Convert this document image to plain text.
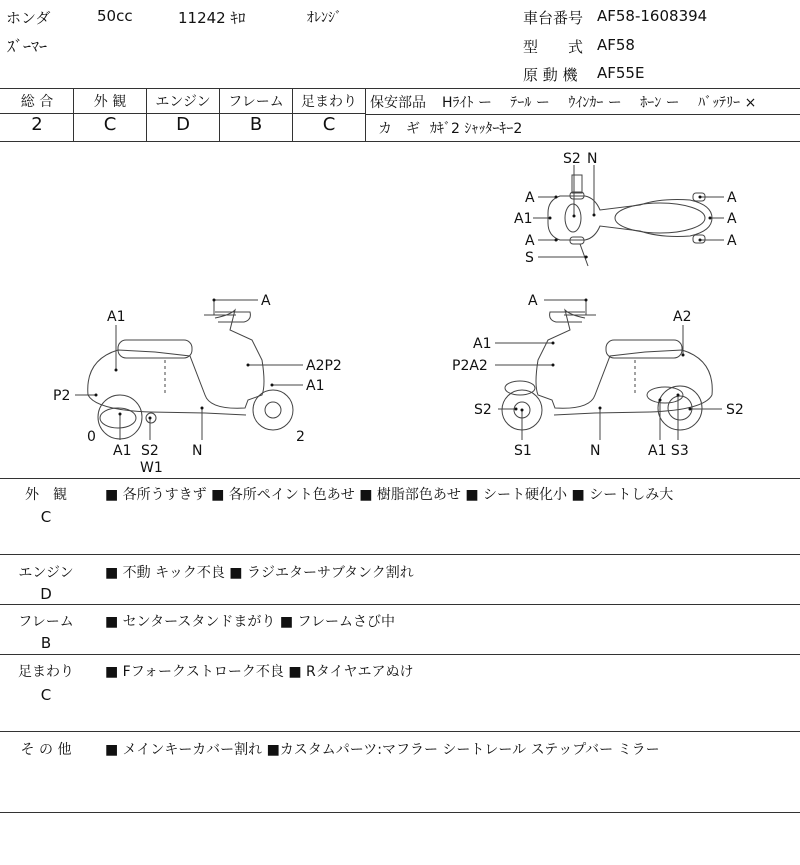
ホンダ	50cc	11242 ｷﾛ	ｵﾚﾝｼﾞ
ｽﾞｰﾏｰ
車台番号 AF58-1608394
型　　式 AF58
原 動 機 AF55E
総 合	外 観	エンジン	フレーム	足まわり
2	C	D	B	C
保安部品 Hﾗｲﾄ ー　 ﾃｰﾙ ー　 ｳｲﾝｶｰ ー　 ﾎｰﾝ ー　 ﾊﾞｯﾃﾘｰ ×
カ　ギ ｶｷﾞ2 ｼｬｯﾀｰｷｰ2
S2 N
A
A1
A
S
A
A
A
A
A1
A2P2
A1
P2
0
A1 S2
W1
N
2
A
A2
A1
P2A2
S2
S1	N	A1 S3
S2
外　観
C
■ 各所うすきず ■ 各所ペイント色あせ ■ 樹脂部色あせ ■ シート硬化小 ■ シートしみ大
エンジン
D
■ 不動 キック不良 ■ ラジエターサブタンク割れ
フレーム
B
■ センタースタンドまがり ■ フレームさび中
足まわり
C
■ Fフォークストローク不良 ■ Rタイヤエアぬけ
そ の 他	■ メインキーカバー割れ ■カスタムパーツ:マフラー シートレール ステップバー ミラー
